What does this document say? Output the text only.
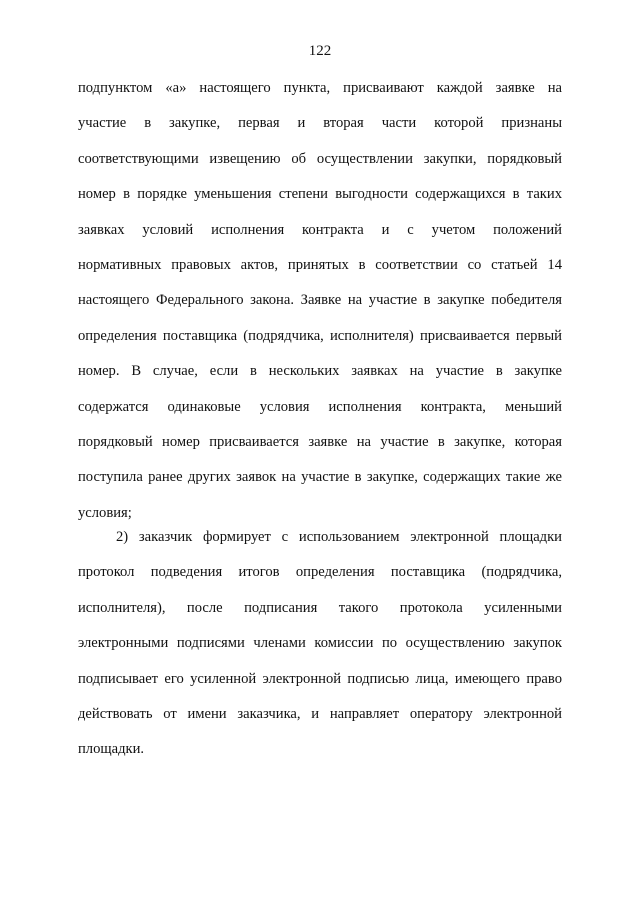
122
подпунктом «а» настоящего пункта, присваивают каждой заявке на
участие в закупке, первая и вторая части которой признаны
соответствующими извещению об осуществлении закупки, порядковый
номер в порядке уменьшения степени выгодности содержащихся в таких
заявках условий исполнения контракта и с учетом положений
нормативных правовых актов, принятых в соответствии со статьей 14
настоящего Федерального закона. Заявке на участие в закупке победителя
определения поставщика (подрядчика, исполнителя) присваивается первый
номер. В случае, если в нескольких заявках на участие в закупке
содержатся одинаковые условия исполнения контракта, меньший
порядковый номер присваивается заявке на участие в закупке, которая
поступила ранее других заявок на участие в закупке, содержащих такие же
условия;
2) заказчик формирует с использованием электронной площадки
протокол подведения итогов определения поставщика (подрядчика,
исполнителя), после подписания такого протокола усиленными
электронными подписями членами комиссии по осуществлению закупок
подписывает его усиленной электронной подписью лица, имеющего право
действовать от имени заказчика, и направляет оператору электронной
площадки.
